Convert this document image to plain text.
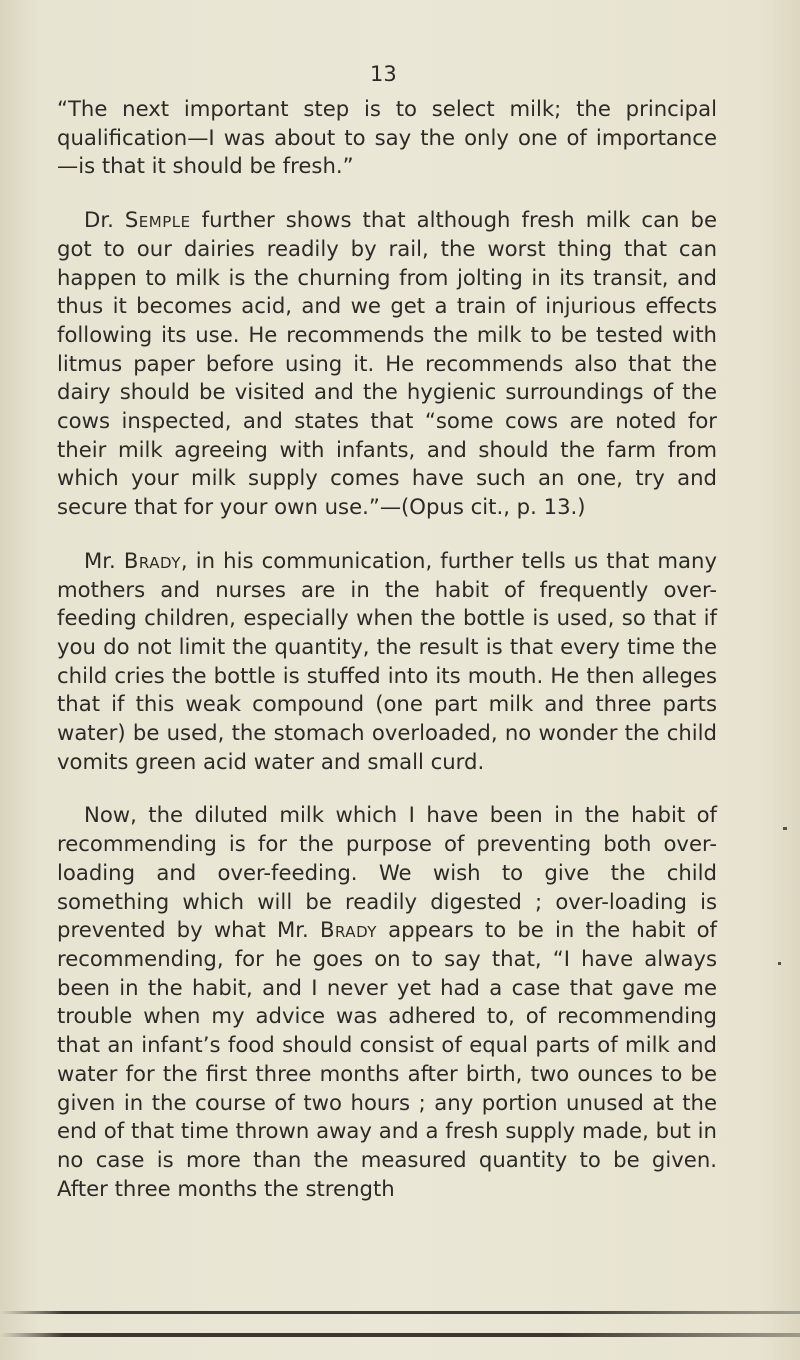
13

“The next important step is to select milk; the principal qualification—I was about to say the only one of importance—is that it should be fresh.”

Dr. Semple further shows that although fresh milk can be got to our dairies readily by rail, the worst thing that can happen to milk is the churning from jolting in its transit, and thus it becomes acid, and we get a train of injurious effects following its use. He recommends the milk to be tested with litmus paper before using it. He recommends also that the dairy should be visited and the hygienic surroundings of the cows inspected, and states that “some cows are noted for their milk agreeing with infants, and should the farm from which your milk supply comes have such an one, try and secure that for your own use.”—(Opus cit., p. 13.)

Mr. Brady, in his communication, further tells us that many mothers and nurses are in the habit of frequently over-feeding children, especially when the bottle is used, so that if you do not limit the quantity, the result is that every time the child cries the bottle is stuffed into its mouth. He then alleges that if this weak compound (one part milk and three parts water) be used, the stomach overloaded, no wonder the child vomits green acid water and small curd.

Now, the diluted milk which I have been in the habit of recommending is for the purpose of preventing both over-loading and over-feeding. We wish to give the child something which will be readily digested ; over-loading is prevented by what Mr. Brady appears to be in the habit of recommending, for he goes on to say that, “I have always been in the habit, and I never yet had a case that gave me trouble when my advice was adhered to, of recommending that an infant’s food should consist of equal parts of milk and water for the first three months after birth, two ounces to be given in the course of two hours ; any portion unused at the end of that time thrown away and a fresh supply made, but in no case is more than the measured quantity to be given. After three months the strength
